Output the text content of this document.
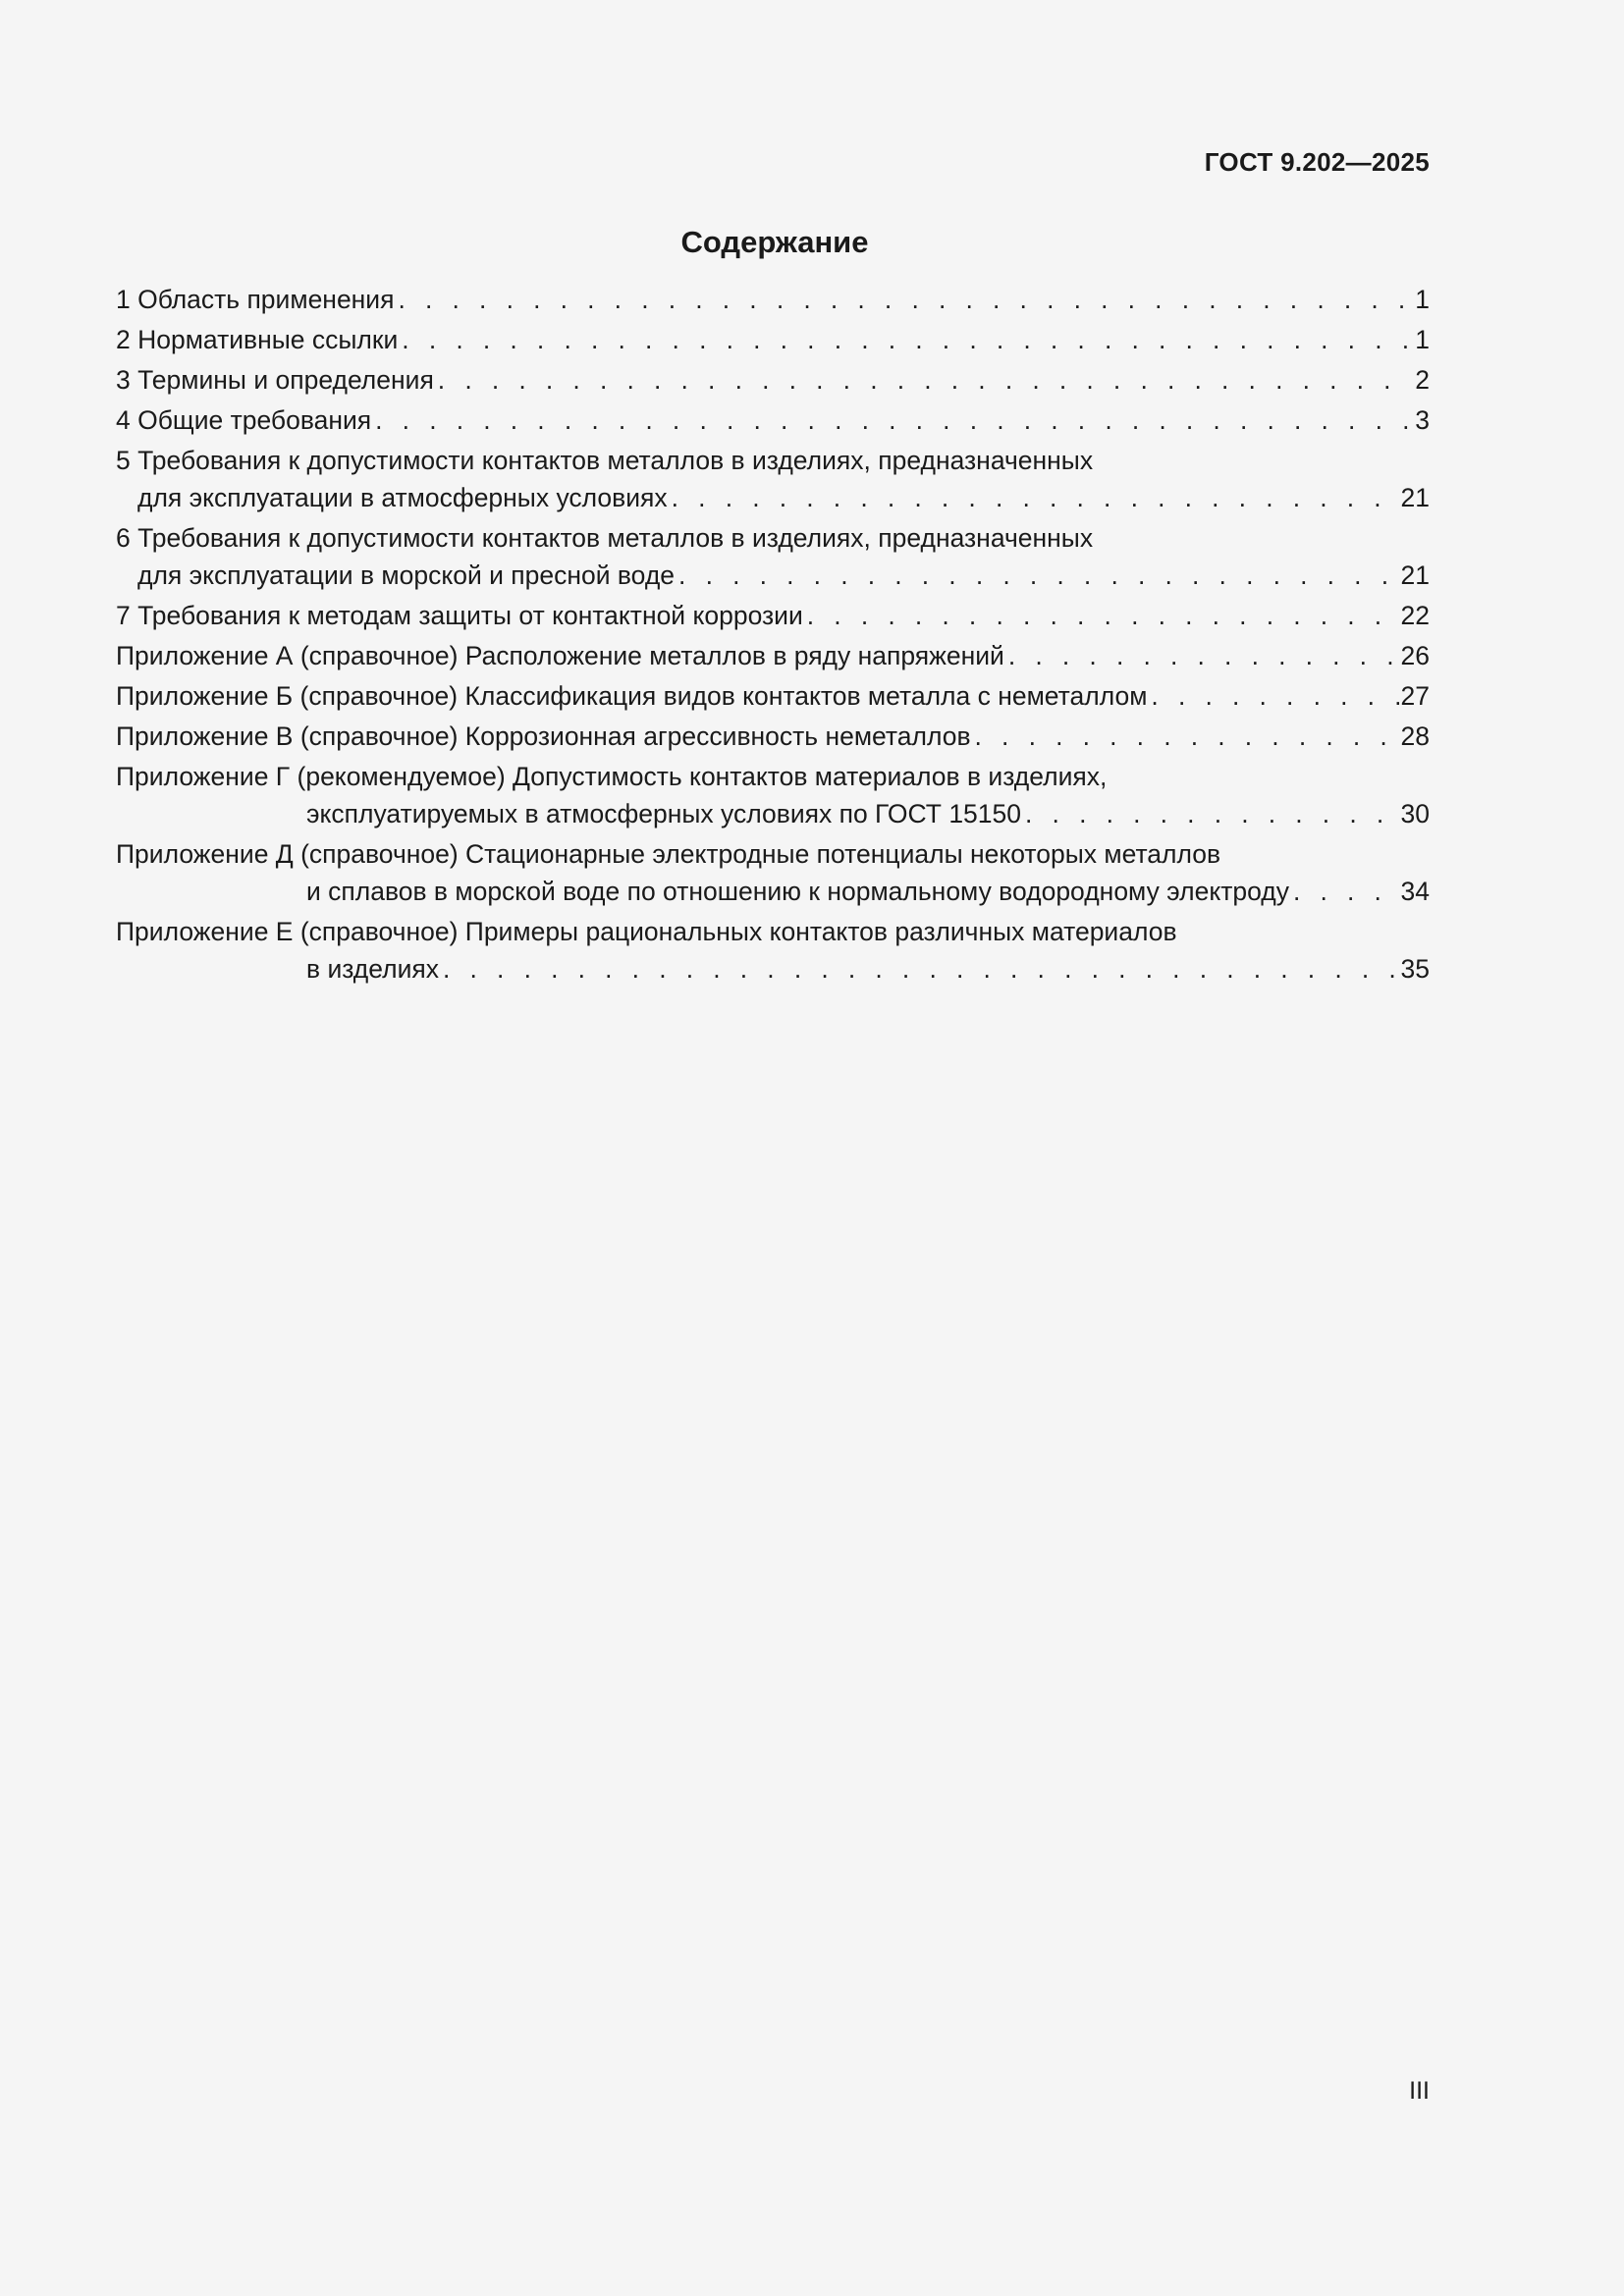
ГОСТ 9.202—2025
Содержание
1 Область применения . . .	1
2 Нормативные ссылки . . .	1
3 Термины и определения . . .	2
4 Общие требования . . .	3
5 Требования к допустимости контактов металлов в изделиях, предназначенных
для эксплуатации в атмосферных условиях . . .	21
6 Требования к допустимости контактов металлов в изделиях, предназначенных
для эксплуатации в морской и пресной воде . . .	21
7 Требования к методам защиты от контактной коррозии . . .	22
Приложение А (справочное) Расположение металлов в ряду напряжений . . .	26
Приложение Б (справочное) Классификация видов контактов металла с неметаллом . . .	27
Приложение В (справочное) Коррозионная агрессивность неметаллов . . .	28
Приложение Г (рекомендуемое) Допустимость контактов материалов в изделиях,
эксплуатируемых в атмосферных условиях по ГОСТ 15150 . . .	30
Приложение Д (справочное) Стационарные электродные потенциалы некоторых металлов
и сплавов в морской воде по отношению к нормальному водородному электроду . . .	34
Приложение Е (справочное) Примеры рациональных контактов различных материалов
в изделиях . . .	35
III
